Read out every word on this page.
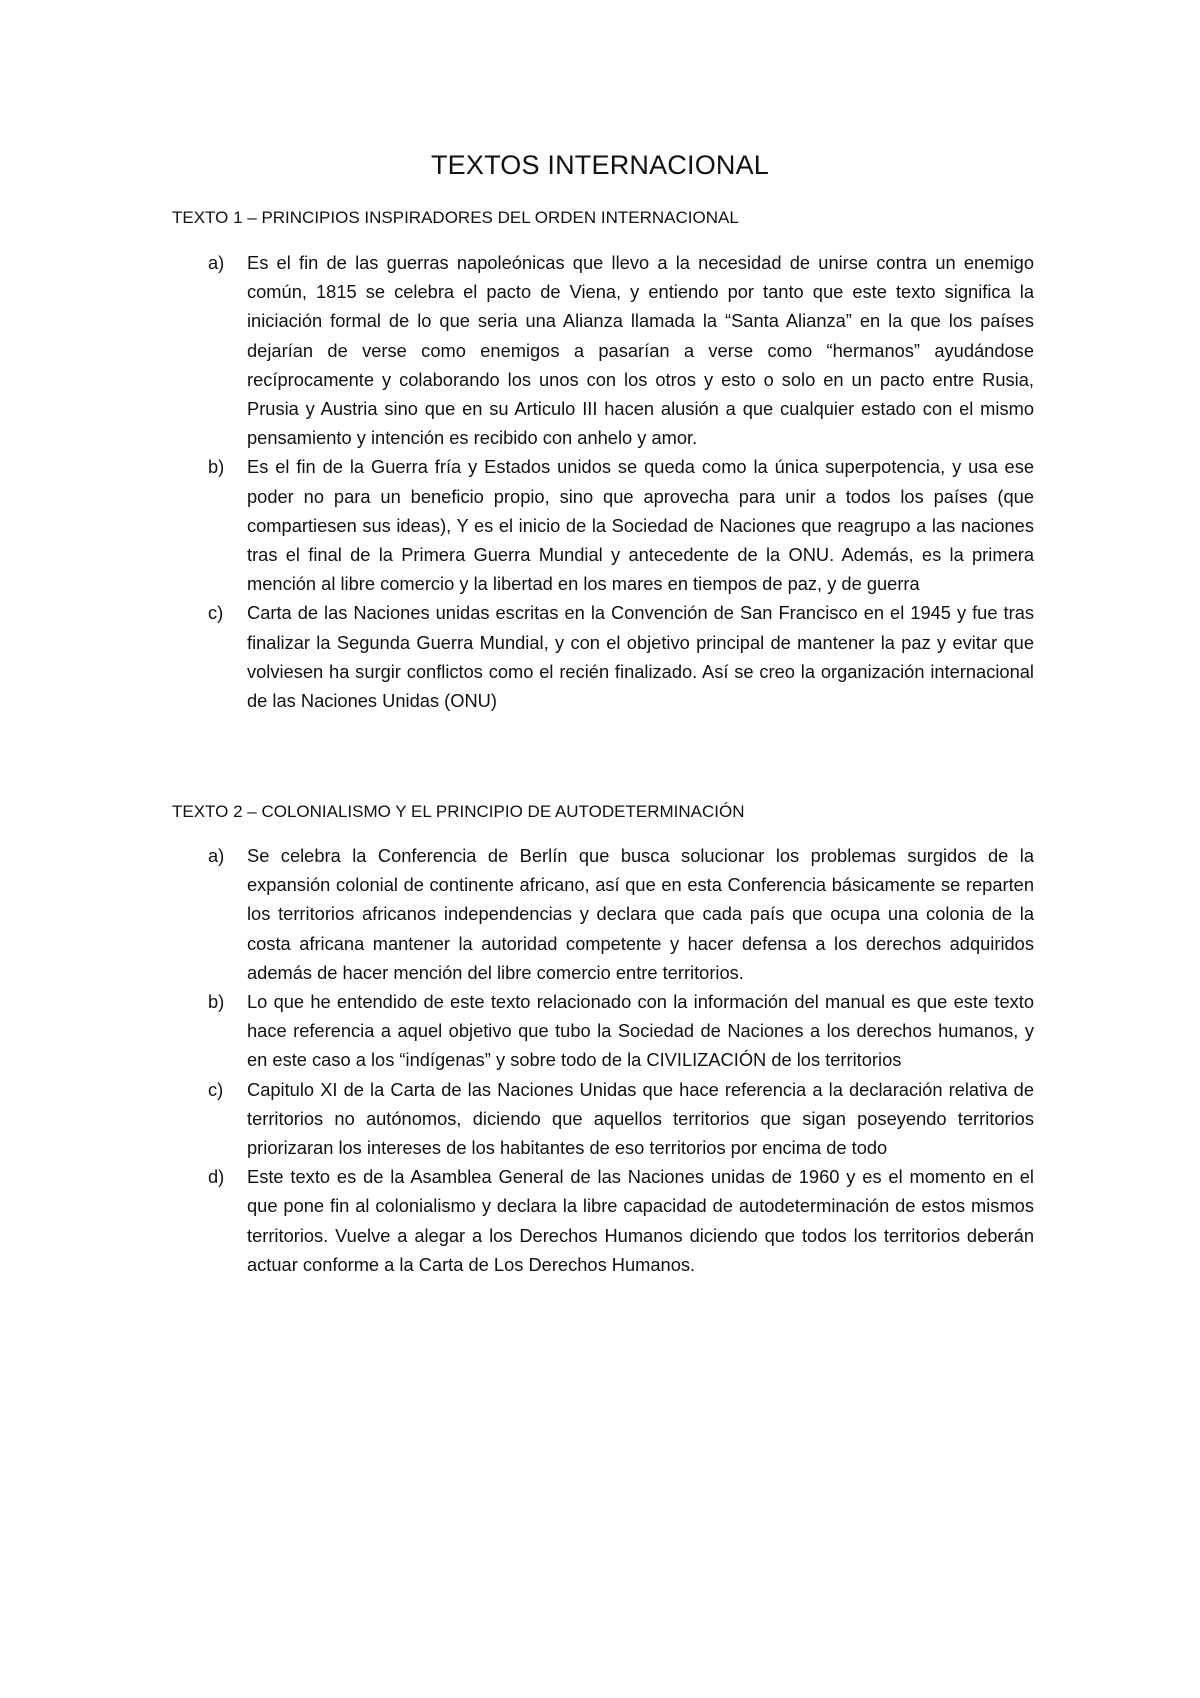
TEXTOS INTERNACIONAL
TEXTO 1 – PRINCIPIOS INSPIRADORES DEL ORDEN INTERNACIONAL
a) Es el fin de las guerras napoleónicas que llevo a la necesidad de unirse contra un enemigo común, 1815 se celebra el pacto de Viena, y entiendo por tanto que este texto significa la iniciación formal de lo que seria una Alianza llamada la “Santa Alianza” en la que los países dejarían de verse como enemigos a pasarían a verse como “hermanos” ayudándose recíprocamente y colaborando los unos con los otros y esto o solo en un pacto entre Rusia, Prusia y Austria sino que en su Articulo III hacen alusión a que cualquier estado con el mismo pensamiento y intención es recibido con anhelo y amor.
b) Es el fin de la Guerra fría y Estados unidos se queda como la única superpotencia, y usa ese poder no para un beneficio propio, sino que aprovecha para unir a todos los países (que compartiesen sus ideas), Y es el inicio de la Sociedad de Naciones que reagrupo a las naciones tras el final de la Primera Guerra Mundial y antecedente de la ONU. Además, es la primera mención al libre comercio y la libertad en los mares en tiempos de paz, y de guerra
c) Carta de las Naciones unidas escritas en la Convención de San Francisco en el 1945 y fue tras finalizar la Segunda Guerra Mundial, y con el objetivo principal de mantener la paz y evitar que volviesen ha surgir conflictos como el recién finalizado. Así se creo la organización internacional de las Naciones Unidas (ONU)
TEXTO 2 – COLONIALISMO Y EL PRINCIPIO DE AUTODETERMINACIÓN
a) Se celebra la Conferencia de Berlín que busca solucionar los problemas surgidos de la expansión colonial de continente africano, así que en esta Conferencia básicamente se reparten los territorios africanos independencias y declara que cada país que ocupa una colonia de la costa africana mantener la autoridad competente y hacer defensa a los derechos adquiridos además de hacer mención del libre comercio entre territorios.
b) Lo que he entendido de este texto relacionado con la información del manual es que este texto hace referencia a aquel objetivo que tubo la Sociedad de Naciones a los derechos humanos, y en este caso a los “indígenas” y sobre todo de la CIVILIZACIÓN de los territorios
c) Capitulo XI de la Carta de las Naciones Unidas que hace referencia a la declaración relativa de territorios no autónomos, diciendo que aquellos territorios que sigan poseyendo territorios priorizaran los intereses de los habitantes de eso territorios por encima de todo
d) Este texto es de la Asamblea General de las Naciones unidas de 1960 y es el momento en el que pone fin al colonialismo y declara la libre capacidad de autodeterminación de estos mismos territorios. Vuelve a alegar a los Derechos Humanos diciendo que todos los territorios deberán actuar conforme a la Carta de Los Derechos Humanos.
